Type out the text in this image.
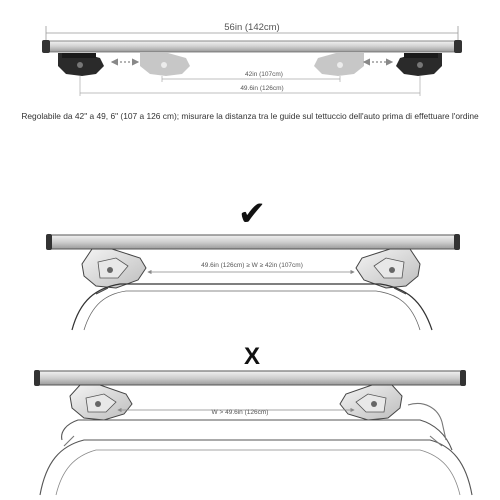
56in (142cm)
42in (107cm)
49.6in (126cm)
✔
49.6in (126cm) ≥ W ≥ 42in (107cm)
X
W > 49.6in (126cm)
Regolabile da 42" a 49, 6" (107 a 126 cm); misurare la distanza tra le guide sul tettuccio dell'auto prima di effettuare l'ordine
